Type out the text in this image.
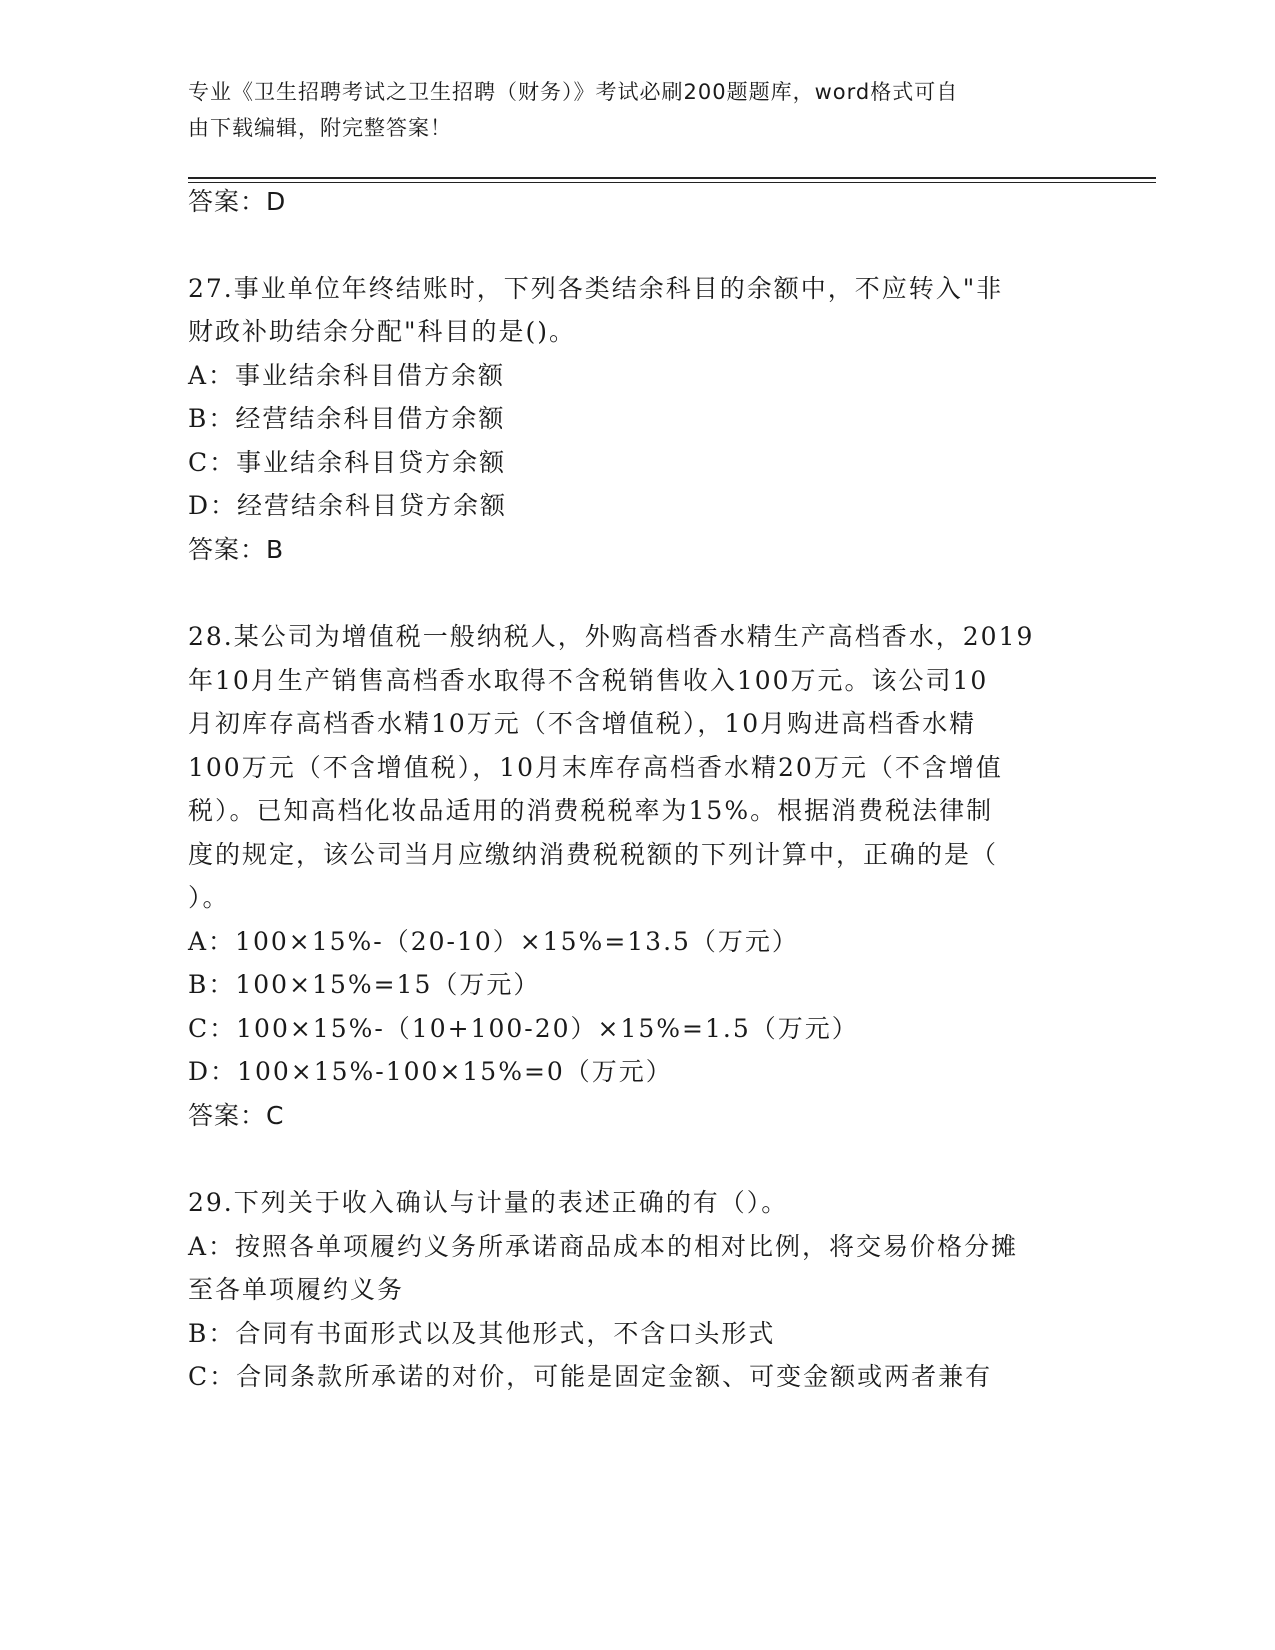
专业《卫生招聘考试之卫生招聘（财务）》考试必刷200题题库，word格式可自
由下载编辑，附完整答案！
答案：D
27.事业单位年终结账时，下列各类结余科目的余额中，不应转入"非
财政补助结余分配"科目的是()。
A：事业结余科目借方余额
B：经营结余科目借方余额
C：事业结余科目贷方余额
D：经营结余科目贷方余额
答案：B
28.某公司为增值税一般纳税人，外购高档香水精生产高档香水，2019
年10月生产销售高档香水取得不含税销售收入100万元。该公司10
月初库存高档香水精10万元（不含增值税），10月购进高档香水精
100万元（不含增值税），10月末库存高档香水精20万元（不含增值
税）。已知高档化妆品适用的消费税税率为15%。根据消费税法律制
度的规定，该公司当月应缴纳消费税税额的下列计算中，正确的是（
）。
A：100×15%-（20-10）×15%=13.5（万元）
B：100×15%=15（万元）
C：100×15%-（10+100-20）×15%=1.5（万元）
D：100×15%-100×15%=0（万元）
答案：C
29.下列关于收入确认与计量的表述正确的有（）。
A：按照各单项履约义务所承诺商品成本的相对比例，将交易价格分摊
至各单项履约义务
B：合同有书面形式以及其他形式，不含口头形式
C：合同条款所承诺的对价，可能是固定金额、可变金额或两者兼有
